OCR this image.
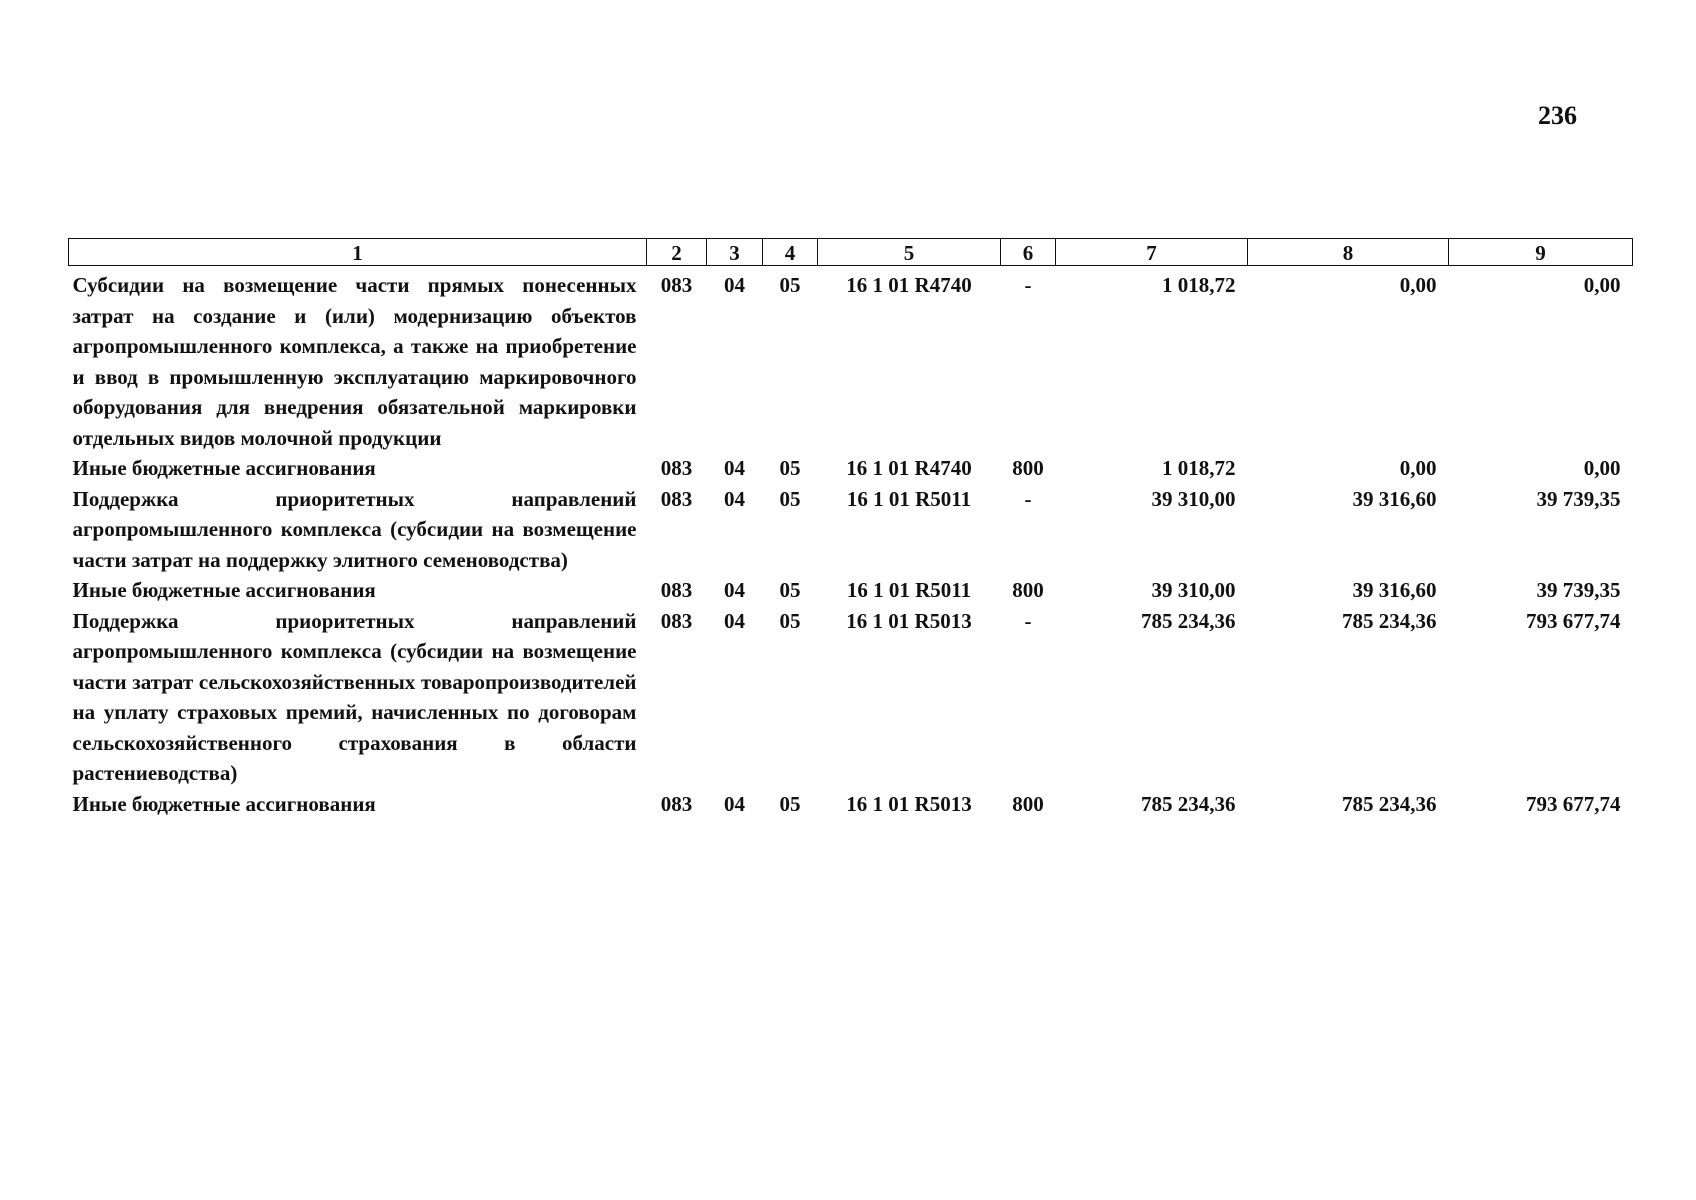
236
1	2	3	4	5	6	7	8	9
Субсидии на возмещение части прямых понесенных затрат на создание и (или) модернизацию объектов агропромышленного комплекса, а также на приобретение и ввод в промышленную эксплуатацию маркировочного оборудования для внедрения обязательной маркировки отдельных видов молочной продукции	083	04	05	16 1 01 R4740	-	1 018,72	0,00	0,00
Иные бюджетные ассигнования	083	04	05	16 1 01 R4740	800	1 018,72	0,00	0,00
Поддержка приоритетных направлений агропромышленного комплекса (субсидии на возмещение части затрат на поддержку элитного семеноводства)	083	04	05	16 1 01 R5011	-	39 310,00	39 316,60	39 739,35
Иные бюджетные ассигнования	083	04	05	16 1 01 R5011	800	39 310,00	39 316,60	39 739,35
Поддержка приоритетных направлений агропромышленного комплекса (субсидии на возмещение части затрат сельскохозяйственных товаропроизводителей на уплату страховых премий, начисленных по договорам сельскохозяйственного страхования в области растениеводства)	083	04	05	16 1 01 R5013	-	785 234,36	785 234,36	793 677,74
Иные бюджетные ассигнования	083	04	05	16 1 01 R5013	800	785 234,36	785 234,36	793 677,74
